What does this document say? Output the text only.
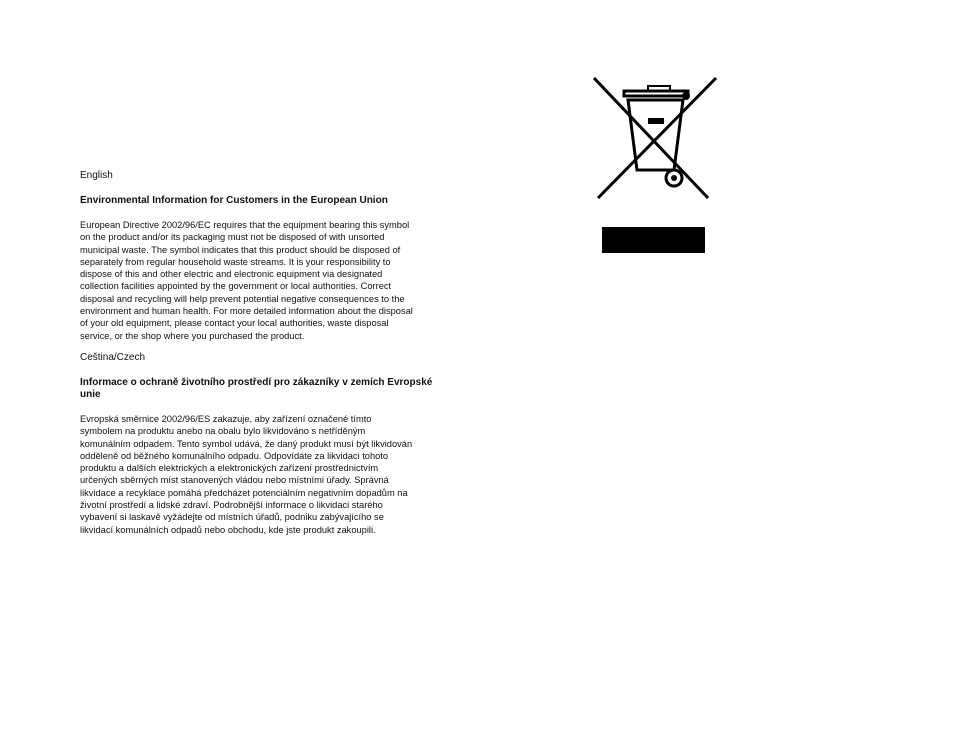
English
Environmental Information for Customers in the European Union
European Directive 2002/96/EC requires that the equipment bearing this symbol
on the product and/or its packaging must not be disposed of with unsorted
municipal waste. The symbol indicates that this product should be disposed of
separately from regular household waste streams. It is your responsibility to
dispose of this and other electric and electronic equipment via designated
collection facilities appointed by the government or local authorities. Correct
disposal and recycling will help prevent potential negative consequences to the
environment and human health. For more detailed information about the disposal
of your old equipment, please contact your local authorities, waste disposal
service, or the shop where you purchased the product.
Ceština/Czech
Informace o ochraně životního prostředí pro zákazníky v zemích Evropské
unie
Evropská směrnice 2002/96/ES zakazuje, aby zařízení označené tímto
symbolem na produktu anebo na obalu bylo likvidováno s netříděným
komunálním odpadem. Tento symbol udává, že daný produkt musí být likvidován
odděleně od běžného komunálního odpadu. Odpovídáte za likvidaci tohoto
produktu a dalších elektrických a elektronických zařízení prostřednictvím
určených sběrných míst stanovených vládou nebo místními úřady. Správná
likvidace a recyklace pomáhá předcházet potenciálním negativním dopadům na
životní prostředí a lidské zdraví. Podrobnější informace o likvidaci starého
vybavení si laskavě vyžádejte od místních úřadů, podniku zabývajícího se
likvidací komunálních odpadů nebo obchodu, kde jste produkt zakoupili.
